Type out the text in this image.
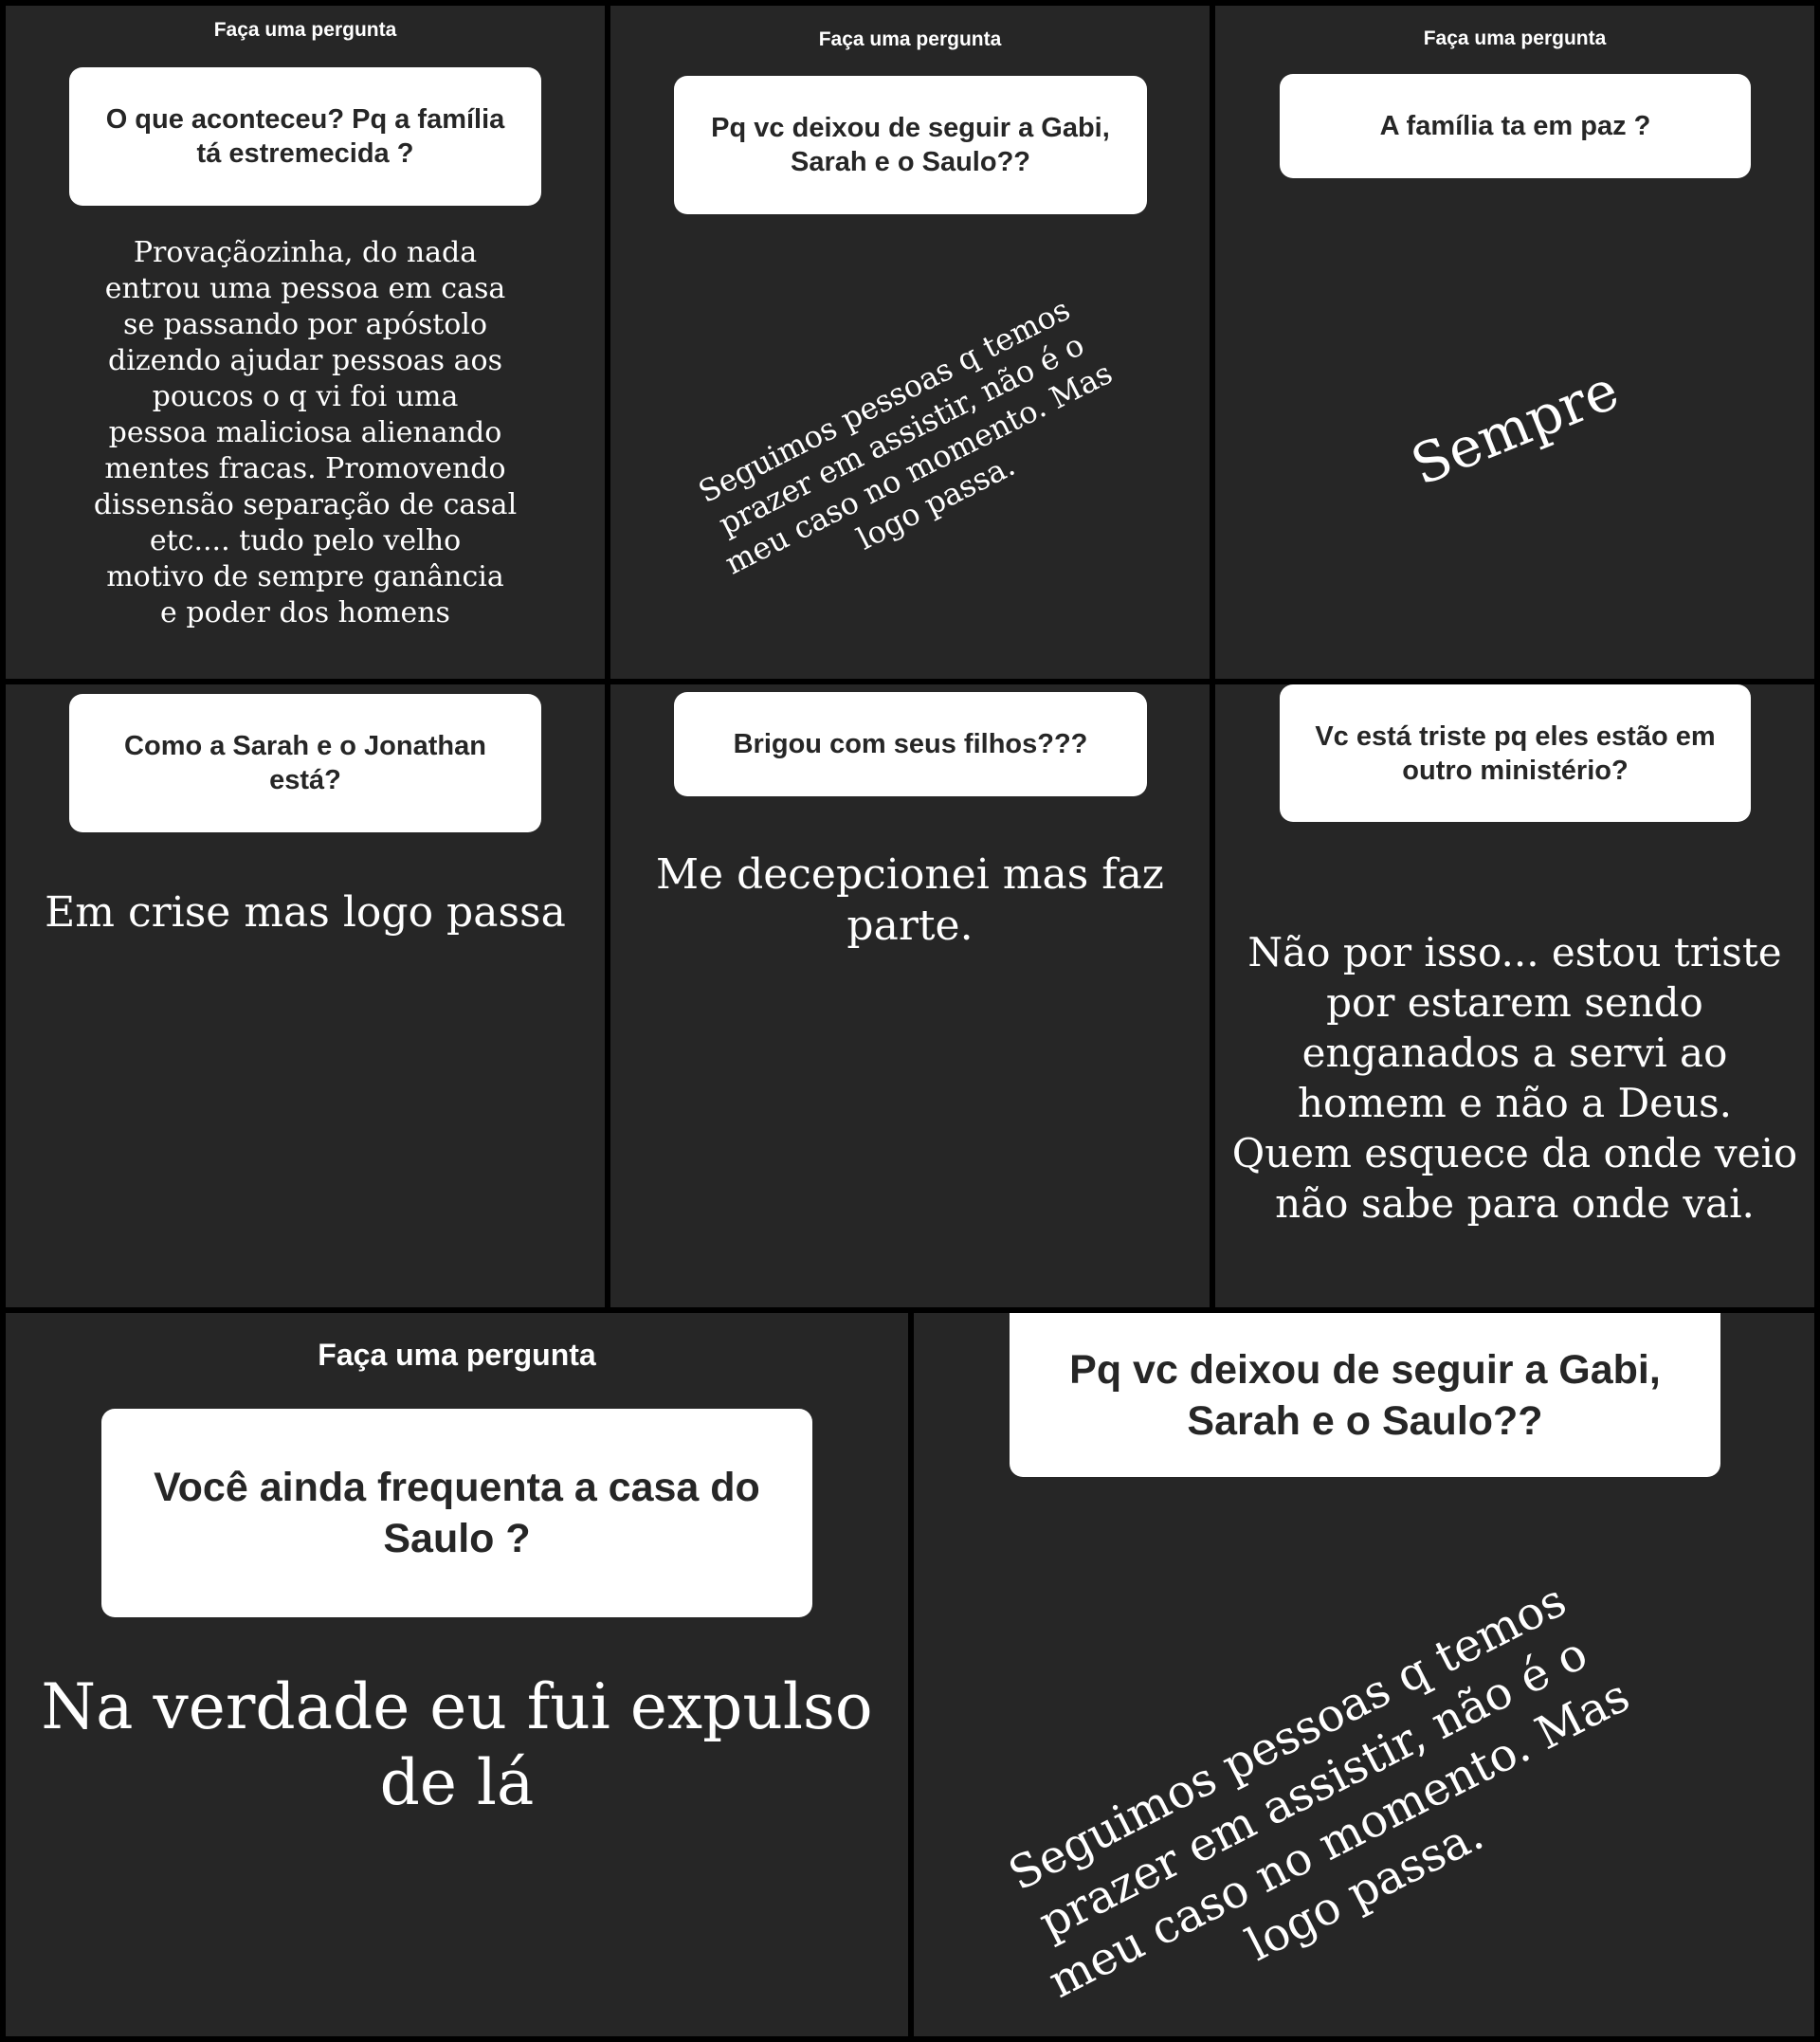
Faça uma pergunta
O que aconteceu? Pq a família tá estremecida ?
Provaçãozinha, do nada
entrou uma pessoa em casa
se passando por apóstolo
dizendo ajudar pessoas aos
poucos o q vi foi uma
pessoa maliciosa alienando
mentes fracas. Promovendo
dissensão separação de casal
etc.... tudo pelo velho
motivo de sempre ganância
e poder dos homens
Faça uma pergunta
Pq vc deixou de seguir a Gabi, Sarah e o Saulo??
Seguimos pessoas q temos
prazer em assistir, não é o
meu caso no momento. Mas
logo passa.
Faça uma pergunta
A família ta em paz ?
Sempre
Como a Sarah e o Jonathan está?
Em crise mas logo passa
Brigou com seus filhos???
Me decepcionei mas faz
parte.
Vc está triste pq eles estão em outro ministério?
Não por isso... estou triste
por estarem sendo
enganados a servi ao
homem e não a Deus.
Quem esquece da onde veio
não sabe para onde vai.
Faça uma pergunta
Você ainda frequenta a casa do Saulo ?
Na verdade eu fui expulso
de lá
Pq vc deixou de seguir a Gabi, Sarah e o Saulo??
Seguimos pessoas q temos
prazer em assistir, não é o
meu caso no momento. Mas
logo passa.
